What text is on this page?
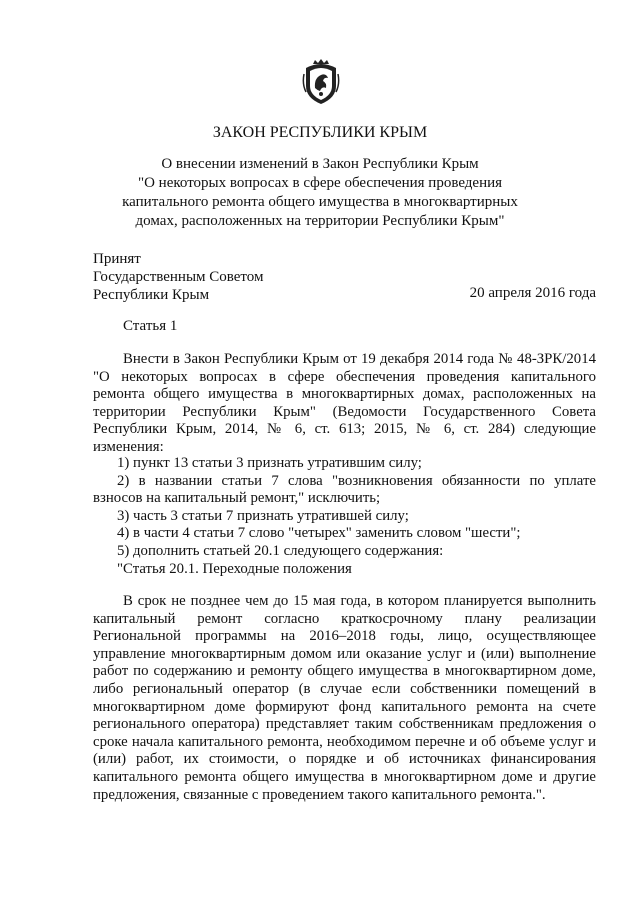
ЗАКОН РЕСПУБЛИКИ КРЫМ
О внесении изменений в Закон Республики Крым
"О некоторых вопросах в сфере обеспечения проведения
капитального ремонта общего имущества в многоквартирных
домах, расположенных на территории Республики Крым"
Принят
Государственным Советом
Республики Крым	20 апреля 2016 года
Статья 1

Внести в Закон Республики Крым от 19 декабря 2014 года № 48-ЗРК/2014 "О некоторых вопросах в сфере обеспечения проведения капитального ремонта общего имущества в многоквартирных домах, расположенных на территории Республики Крым" (Ведомости Государственного Совета Республики Крым, 2014, № 6, ст. 613; 2015, № 6, ст. 284) следующие изменения:

1) пункт 13 статьи 3 признать утратившим силу;

2) в названии статьи 7 слова "возникновения обязанности по уплате взносов на капитальный ремонт," исключить;

3) часть 3 статьи 7 признать утратившей силу;

4) в части 4 статьи 7 слово "четырех" заменить словом "шести";

5) дополнить статьей 20.1 следующего содержания:

"Статья 20.1. Переходные положения

В срок не позднее чем до 15 мая года, в котором планируется выполнить капитальный ремонт согласно краткосрочному плану реализации Региональной программы на 2016–2018 годы, лицо, осуществляющее управление многоквартирным домом или оказание услуг и (или) выполнение работ по содержанию и ремонту общего имущества в многоквартирном доме, либо региональный оператор (в случае если собственники помещений в многоквартирном доме формируют фонд капитального ремонта на счете регионального оператора) представляет таким собственникам предложения о сроке начала капитального ремонта, необходимом перечне и об объеме услуг и (или) работ, их стоимости, о порядке и об источниках финансирования капитального ремонта общего имущества в многоквартирном доме и другие предложения, связанные с проведением такого капитального ремонта.".
